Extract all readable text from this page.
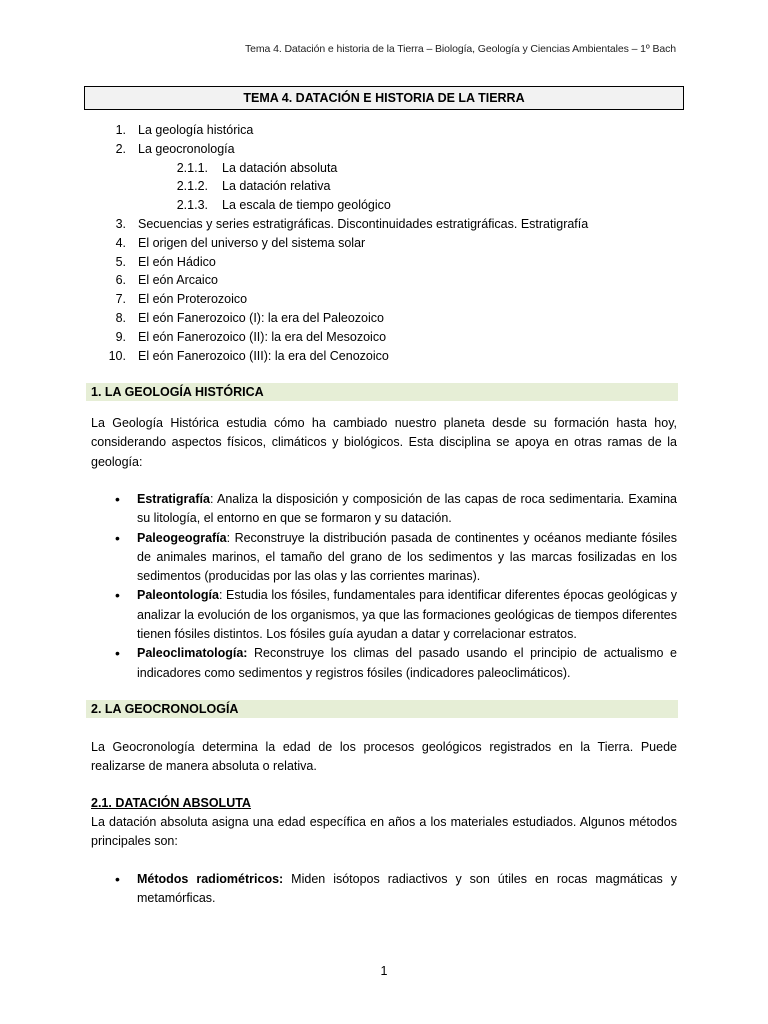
Tema 4. Datación e historia de la Tierra – Biología, Geología y Ciencias Ambientales – 1º Bach
TEMA 4. DATACIÓN E HISTORIA DE LA TIERRA
1. La geología histórica
2. La geocronología
2.1.1. La datación absoluta
2.1.2. La datación relativa
2.1.3. La escala de tiempo geológico
3. Secuencias y series estratigráficas. Discontinuidades estratigráficas. Estratigrafía
4. El origen del universo y del sistema solar
5. El eón Hádico
6. El eón Arcaico
7. El eón Proterozoico
8. El eón Fanerozoico (I): la era del Paleozoico
9. El eón Fanerozoico (II): la era del Mesozoico
10. El eón Fanerozoico (III): la era del Cenozoico
1. LA GEOLOGÍA HISTÓRICA
La Geología Histórica estudia cómo ha cambiado nuestro planeta desde su formación hasta hoy, considerando aspectos físicos, climáticos y biológicos. Esta disciplina se apoya en otras ramas de la geología:
•	Estratigrafía: Analiza la disposición y composición de las capas de roca sedimentaria. Examina su litología, el entorno en que se formaron y su datación.
•	Paleogeografía: Reconstruye la distribución pasada de continentes y océanos mediante fósiles de animales marinos, el tamaño del grano de los sedimentos y las marcas fosilizadas en los sedimentos (producidas por las olas y las corrientes marinas).
•	Paleontología: Estudia los fósiles, fundamentales para identificar diferentes épocas geológicas y analizar la evolución de los organismos, ya que las formaciones geológicas de tiempos diferentes tienen fósiles distintos. Los fósiles guía ayudan a datar y correlacionar estratos.
•	Paleoclimatología: Reconstruye los climas del pasado usando el principio de actualismo e indicadores como sedimentos y registros fósiles (indicadores paleoclimáticos).
2. LA GEOCRONOLOGÍA
La Geocronología determina la edad de los procesos geológicos registrados en la Tierra. Puede realizarse de manera absoluta o relativa.
2.1. DATACIÓN ABSOLUTA
La datación absoluta asigna una edad específica en años a los materiales estudiados. Algunos métodos principales son:
•	Métodos radiométricos: Miden isótopos radiactivos y son útiles en rocas magmáticas y metamórficas.
1
